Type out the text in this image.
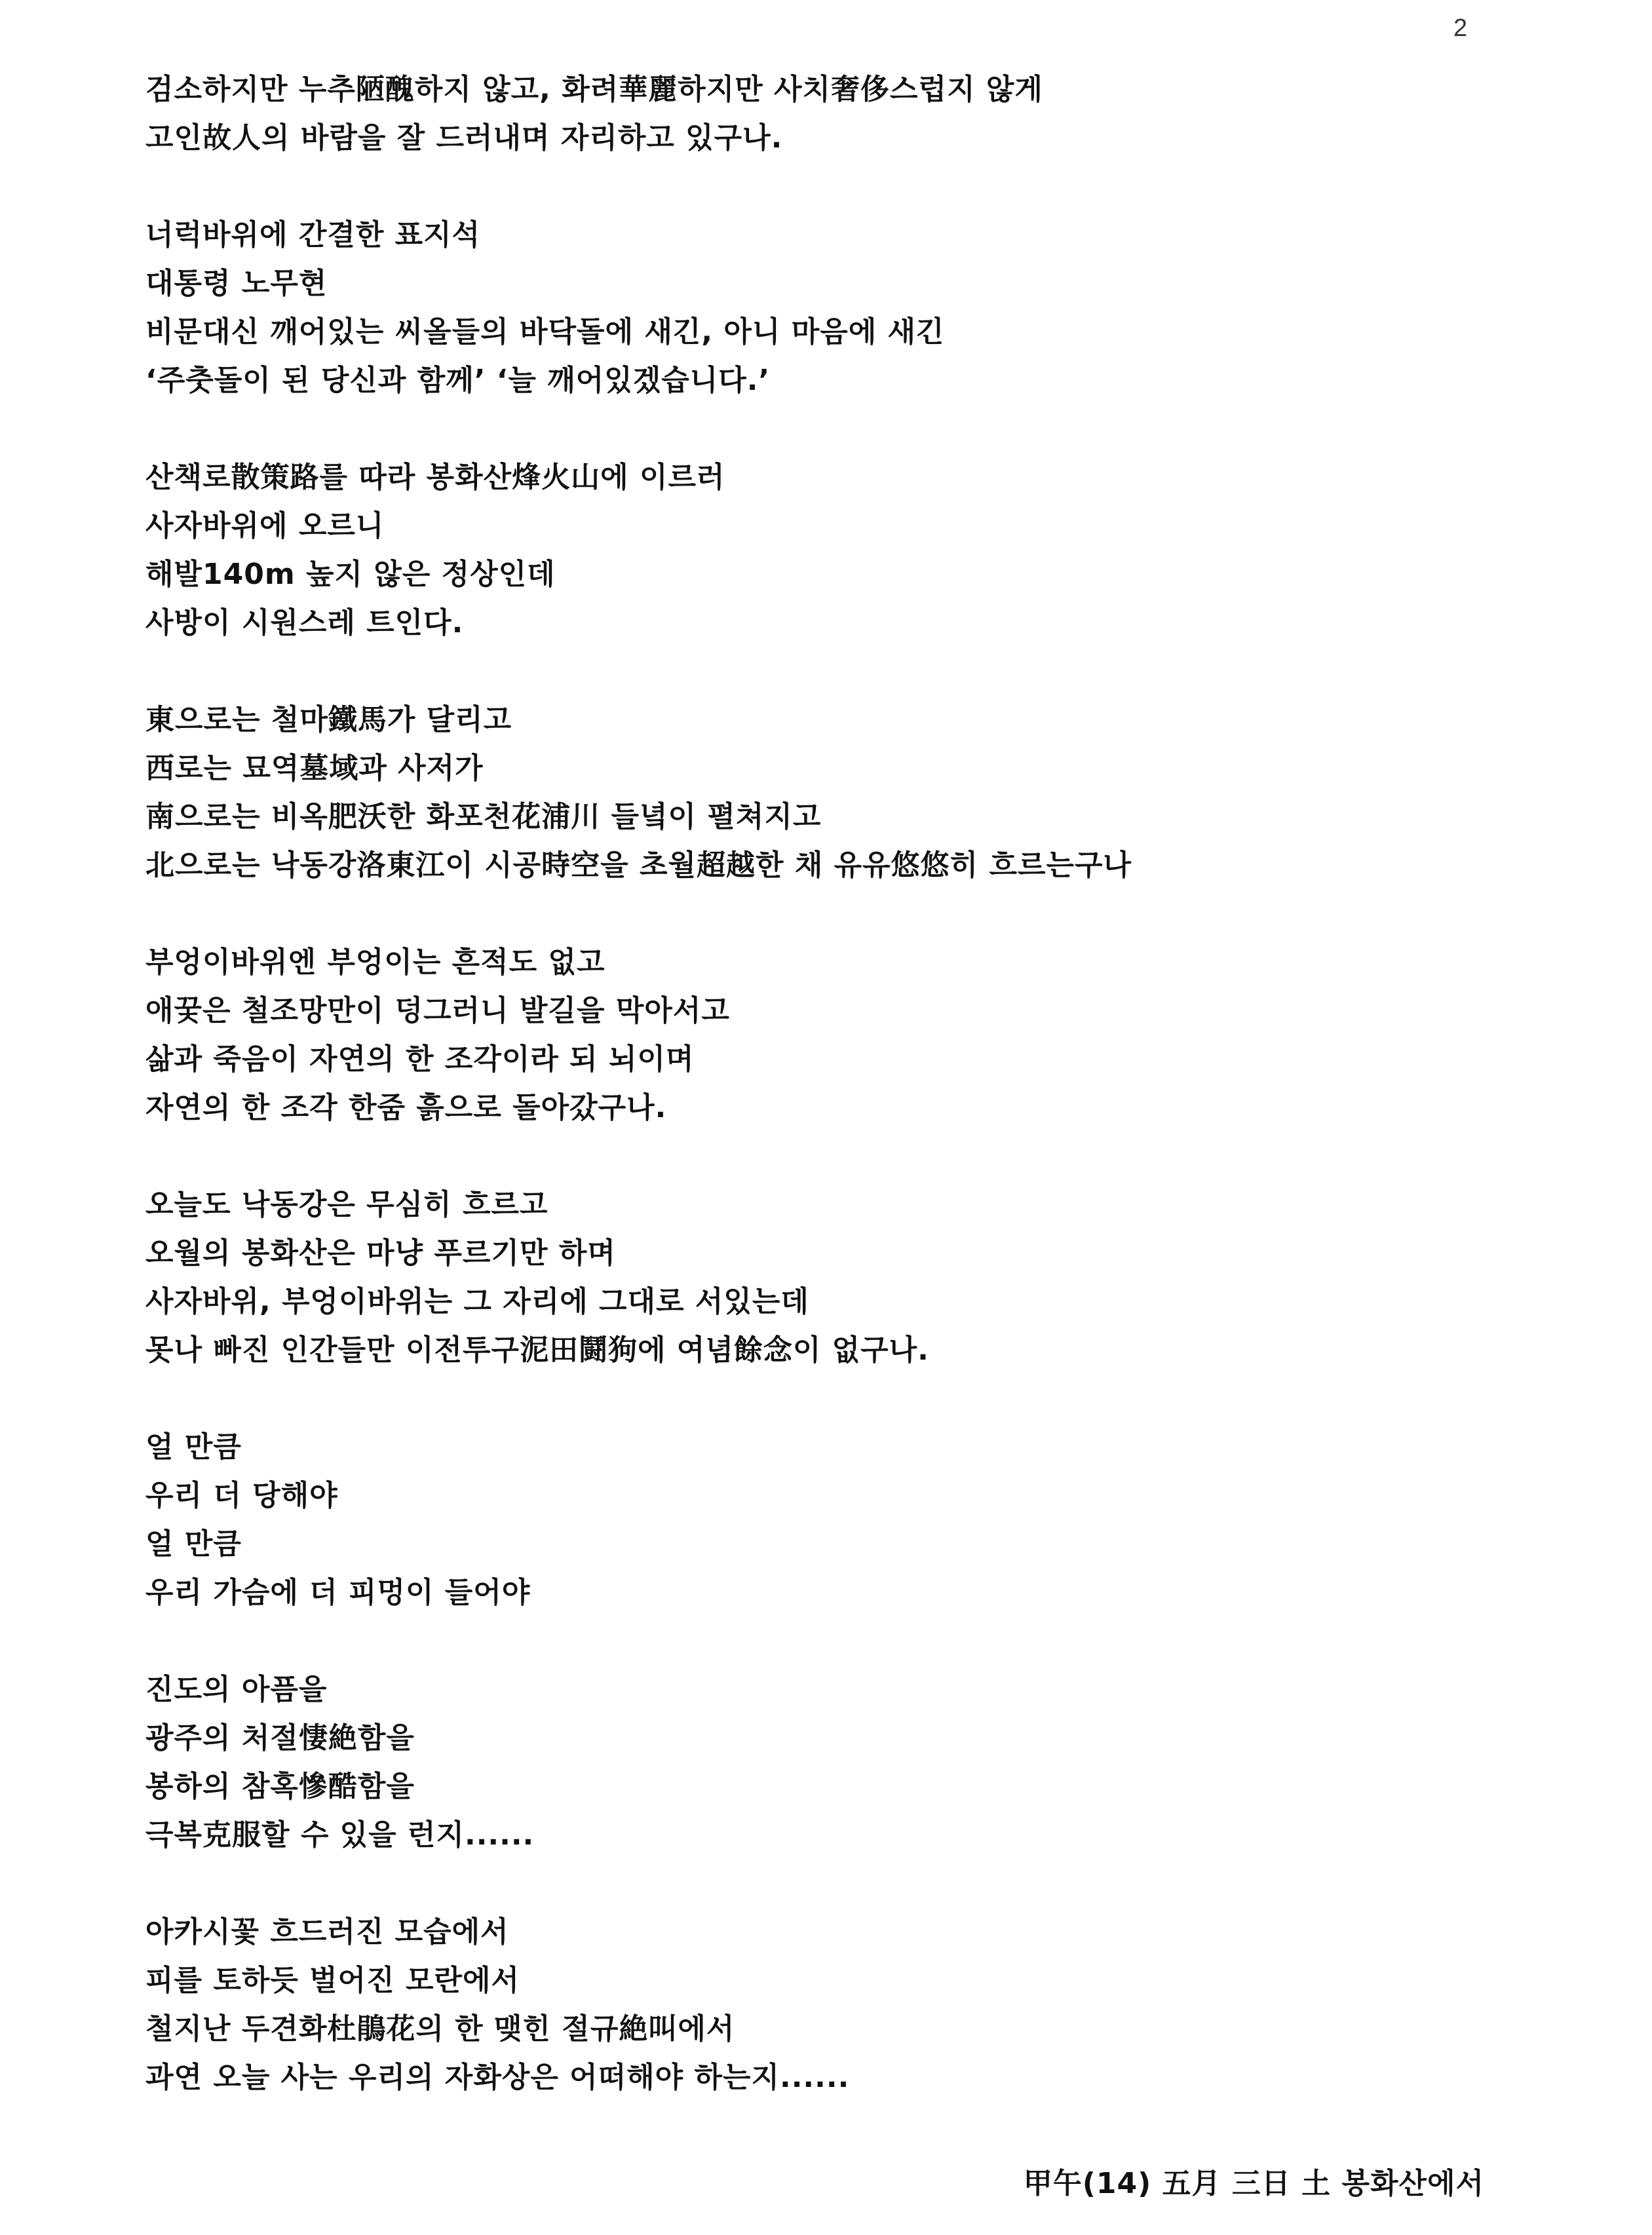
2
검소하지만 누추陋醜하지 않고, 화려華麗하지만 사치奢侈스럽지 않게
고인故人의 바람을 잘 드러내며 자리하고 있구나.
너럭바위에 간결한 표지석
대통령 노무현
비문대신 깨어있는 씨올들의 바닥돌에 새긴, 아니 마음에 새긴
‘주춧돌이 된 당신과 함께’ ‘늘 깨어있겠습니다.’
산책로散策路를 따라 봉화산烽火山에 이르러
사자바위에 오르니
해발140m 높지 않은 정상인데
사방이 시원스레 트인다.
東으로는 철마鐵馬가 달리고
西로는 묘역墓域과 사저가
南으로는 비옥肥沃한 화포천花浦川 들녘이 펼쳐지고
北으로는 낙동강洛東江이 시공時空을 초월超越한 채 유유悠悠히 흐르는구나
부엉이바위엔 부엉이는 흔적도 없고
애꿎은 철조망만이 덩그러니 발길을 막아서고
삶과 죽음이 자연의 한 조각이라 되 뇌이며
자연의 한 조각 한줌 흙으로 돌아갔구나.
오늘도 낙동강은 무심히 흐르고
오월의 봉화산은 마냥 푸르기만 하며
사자바위, 부엉이바위는 그 자리에 그대로 서있는데
못나 빠진 인간들만 이전투구泥田鬪狗에 여념餘念이 없구나.
얼 만큼
우리 더 당해야
얼 만큼
우리 가슴에 더 피멍이 들어야
진도의 아픔을
광주의 처절悽絶함을
봉하의 참혹慘酷함을
극복克服할 수 있을 런지......
아카시꽃 흐드러진 모습에서
피를 토하듯 벌어진 모란에서
철지난 두견화杜鵑花의 한 맺힌 절규絶叫에서
과연 오늘 사는 우리의 자화상은 어떠해야 하는지......
甲午(14) 五月 三日 土 봉화산에서
